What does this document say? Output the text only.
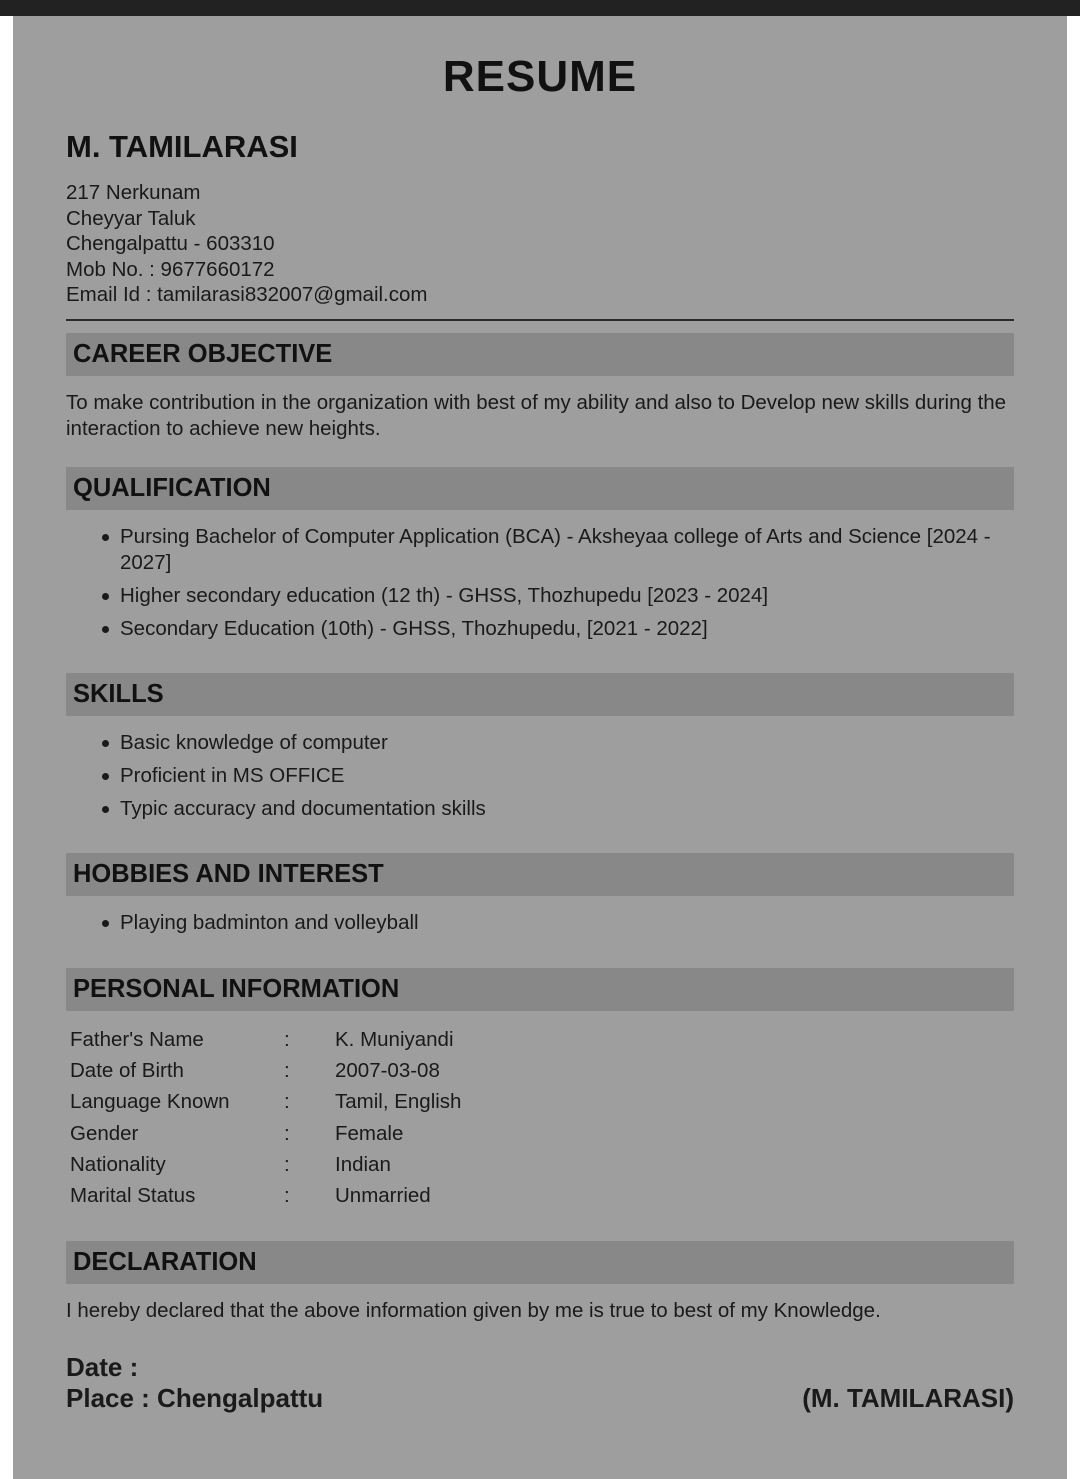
RESUME
M. TAMILARASI
217 Nerkunam
Cheyyar Taluk
Chengalpattu - 603310
Mob No. : 9677660172
Email Id : tamilarasi832007@gmail.com
CAREER OBJECTIVE
To make contribution in the organization with best of my ability and also to Develop new skills during the interaction to achieve new heights.
QUALIFICATION
Pursing Bachelor of Computer Application (BCA) - Aksheyaa college of Arts and Science [2024 - 2027]
Higher secondary education (12 th) - GHSS, Thozhupedu [2023 - 2024]
Secondary Education (10th) - GHSS, Thozhupedu, [2021 - 2022]
SKILLS
Basic knowledge of computer
Proficient in MS OFFICE
Typic accuracy and documentation skills
HOBBIES AND INTEREST
Playing badminton and volleyball
PERSONAL INFORMATION
Father's Name	: K. Muniyandi
Date of Birth	: 2007-03-08
Language Known	: Tamil, English
Gender	: Female
Nationality	: Indian
Marital Status	: Unmarried
DECLARATION
I hereby declared that the above information given by me is true to best of my Knowledge.
Date :
Place : Chengalpattu	(M. TAMILARASI)
